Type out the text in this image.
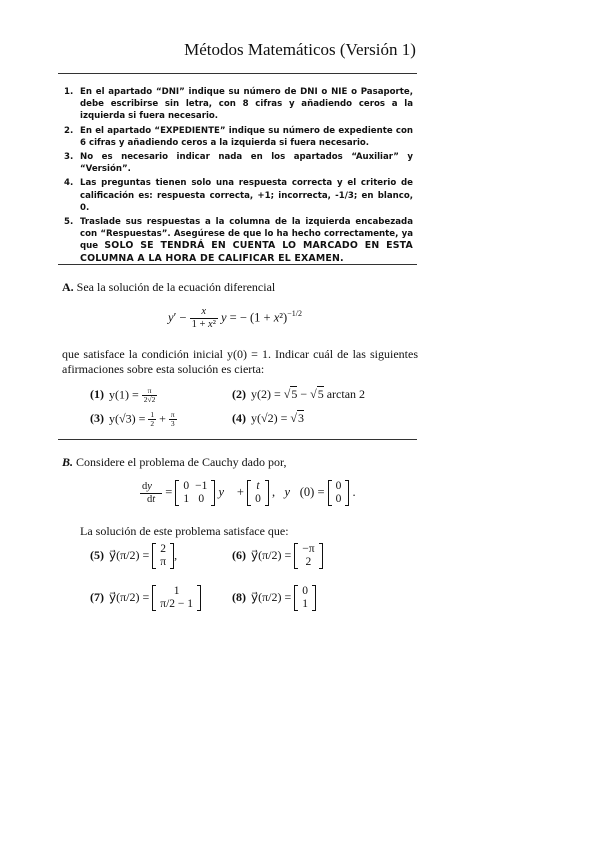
Métodos Matemáticos (Versión 1)
1. En el apartado “DNI” indique su número de DNI o NIE o Pasaporte, debe escribirse sin letra, con 8 cifras y añadiendo ceros a la izquierda si fuera necesario.
2. En el apartado “EXPEDIENTE” indique su número de expediente con 6 cifras y añadiendo ceros a la izquierda si fuera necesario.
3. No es necesario indicar nada en los apartados “Auxiliar” y “Versión”.
4. Las preguntas tienen solo una respuesta correcta y el criterio de calificación es: respuesta correcta, +1; incorrecta, -1/3; en blanco, 0.
5. Traslade sus respuestas a la columna de la izquierda encabezada con “Respuestas”. Asegúrese de que lo ha hecho correctamente, ya que SOLO SE TENDRÁ EN CUENTA LO MARCADO EN ESTA COLUMNA A LA HORA DE CALIFICAR EL EXAMEN.
A. Sea la solución de la ecuación diferencial
$y' - \frac{x}{\text{1 + x²}}$ y = − $(1 + x^2)^{-1/2}$
que satisface la condición inicial y(0) = 1. Indicar cuál de las siguientes afirmaciones sobre esta solución es cierta:
(1) $y(1) = \frac{\pi}{2√2}$	(2) y(2) = √5 − √5 arctan 2
(3) $y(√3) = \frac{1}{2} + \frac{\pi}{3}$	(4) y(√2) = √3
B. Considere el problema de Cauchy dado por,
$\frac{dy⃗}{dt} = 0$	−1
1	0
y⃗ + t
0
,   y⃗(0) = 0
0
.
La solución de este problema satisface que:
(5) y⃗(π/2) = 2
π
,	(6) y⃗(π/2) = −π
2
(7) y⃗(π/2) = 1
π/2 − 1
(8) y⃗(π/2) = 0
1
